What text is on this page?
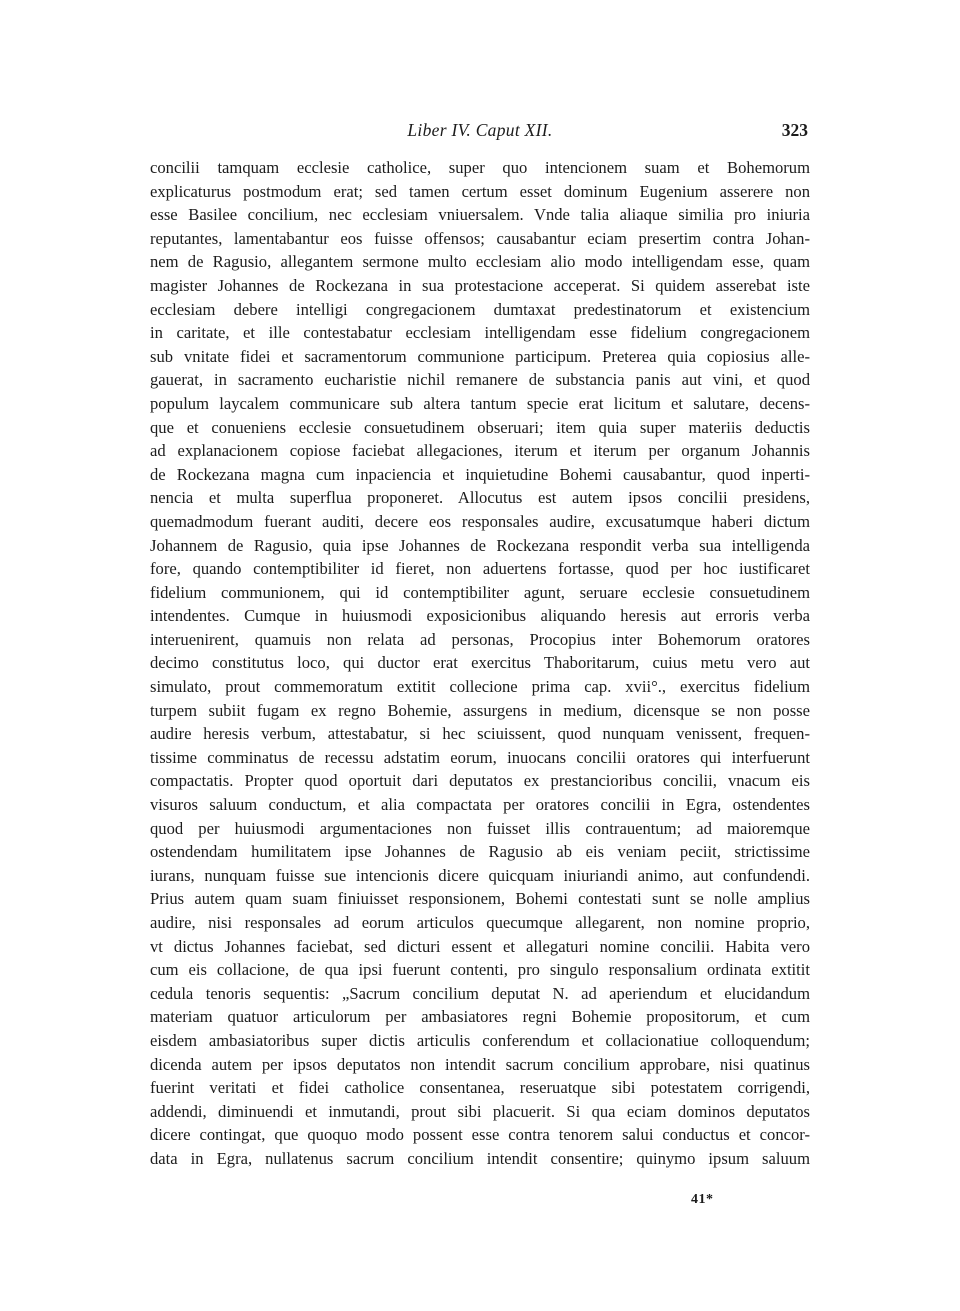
Liber IV. Caput XII.	323
concilii tamquam ecclesie catholice, super quo intencionem suam et Bohemorum
explicaturus postmodum erat; sed tamen certum esset dominum Eugenium asserere non
esse Basilee concilium, nec ecclesiam vniuersalem. Vnde talia aliaque similia pro iniuria
reputantes, lamentabantur eos fuisse offensos; causabantur eciam presertim contra Johan-
nem de Ragusio, allegantem sermone multo ecclesiam alio modo intelligendam esse, quam
magister Johannes de Rockezana in sua protestacione acceperat. Si quidem asserebat iste
ecclesiam debere intelligi congregacionem dumtaxat predestinatorum et existencium
in caritate, et ille contestabatur ecclesiam intelligendam esse fidelium congregacionem
sub vnitate fidei et sacramentorum communione participum. Preterea quia copiosius alle-
gauerat, in sacramento eucharistie nichil remanere de substancia panis aut vini, et quod
populum laycalem communicare sub altera tantum specie erat licitum et salutare, decens-
que et conueniens ecclesie consuetudinem obseruari; item quia super materiis deductis
ad explanacionem copiose faciebat allegaciones, iterum et iterum per organum Johannis
de Rockezana magna cum inpaciencia et inquietudine Bohemi causabantur, quod inperti-
nencia et multa superflua proponeret. Allocutus est autem ipsos concilii presidens,
quemadmodum fuerant auditi, decere eos responsales audire, excusatumque haberi dictum
Johannem de Ragusio, quia ipse Johannes de Rockezana respondit verba sua intelligenda
fore, quando contemptibiliter id fieret, non aduertens fortasse, quod per hoc iustificaret
fidelium communionem, qui id contemptibiliter agunt, seruare ecclesie consuetudinem
intendentes. Cumque in huiusmodi exposicionibus aliquando heresis aut erroris verba
interuenirent, quamuis non relata ad personas, Procopius inter Bohemorum oratores
decimo constitutus loco, qui ductor erat exercitus Thaboritarum, cuius metu vero aut
simulato, prout commemoratum extitit collecione prima cap. xvii°., exercitus fidelium
turpem subiit fugam ex regno Bohemie, assurgens in medium, dicensque se non posse
audire heresis verbum, attestabatur, si hec sciuissent, quod nunquam venissent, frequen-
tissime comminatus de recessu adstatim eorum, inuocans concilii oratores qui interfuerunt
compactatis. Propter quod oportuit dari deputatos ex prestancioribus concilii, vnacum eis
visuros saluum conductum, et alia compactata per oratores concilii in Egra, ostendentes
quod per huiusmodi argumentaciones non fuisset illis contrauentum; ad maioremque
ostendendam humilitatem ipse Johannes de Ragusio ab eis veniam peciit, strictissime
iurans, nunquam fuisse sue intencionis dicere quicquam iniuriandi animo, aut confundendi.
Prius autem quam suam finiuisset responsionem, Bohemi contestati sunt se nolle amplius
audire, nisi responsales ad eorum articulos quecumque allegarent, non nomine proprio,
vt dictus Johannes faciebat, sed dicturi essent et allegaturi nomine concilii. Habita vero
cum eis collacione, de qua ipsi fuerunt contenti, pro singulo responsalium ordinata extitit
cedula tenoris sequentis: „Sacrum concilium deputat N. ad aperiendum et elucidandum
materiam quatuor articulorum per ambasiatores regni Bohemie propositorum, et cum
eisdem ambasiatoribus super dictis articulis conferendum et collacionatiue colloquendum;
dicenda autem per ipsos deputatos non intendit sacrum concilium approbare, nisi quatinus
fuerint veritati et fidei catholice consentanea, reseruatque sibi potestatem corrigendi,
addendi, diminuendi et inmutandi, prout sibi placuerit. Si qua eciam dominos deputatos
dicere contingat, que quoquo modo possent esse contra tenorem salui conductus et concor-
data in Egra, nullatenus sacrum concilium intendit consentire; quinymo ipsum saluum
41*
